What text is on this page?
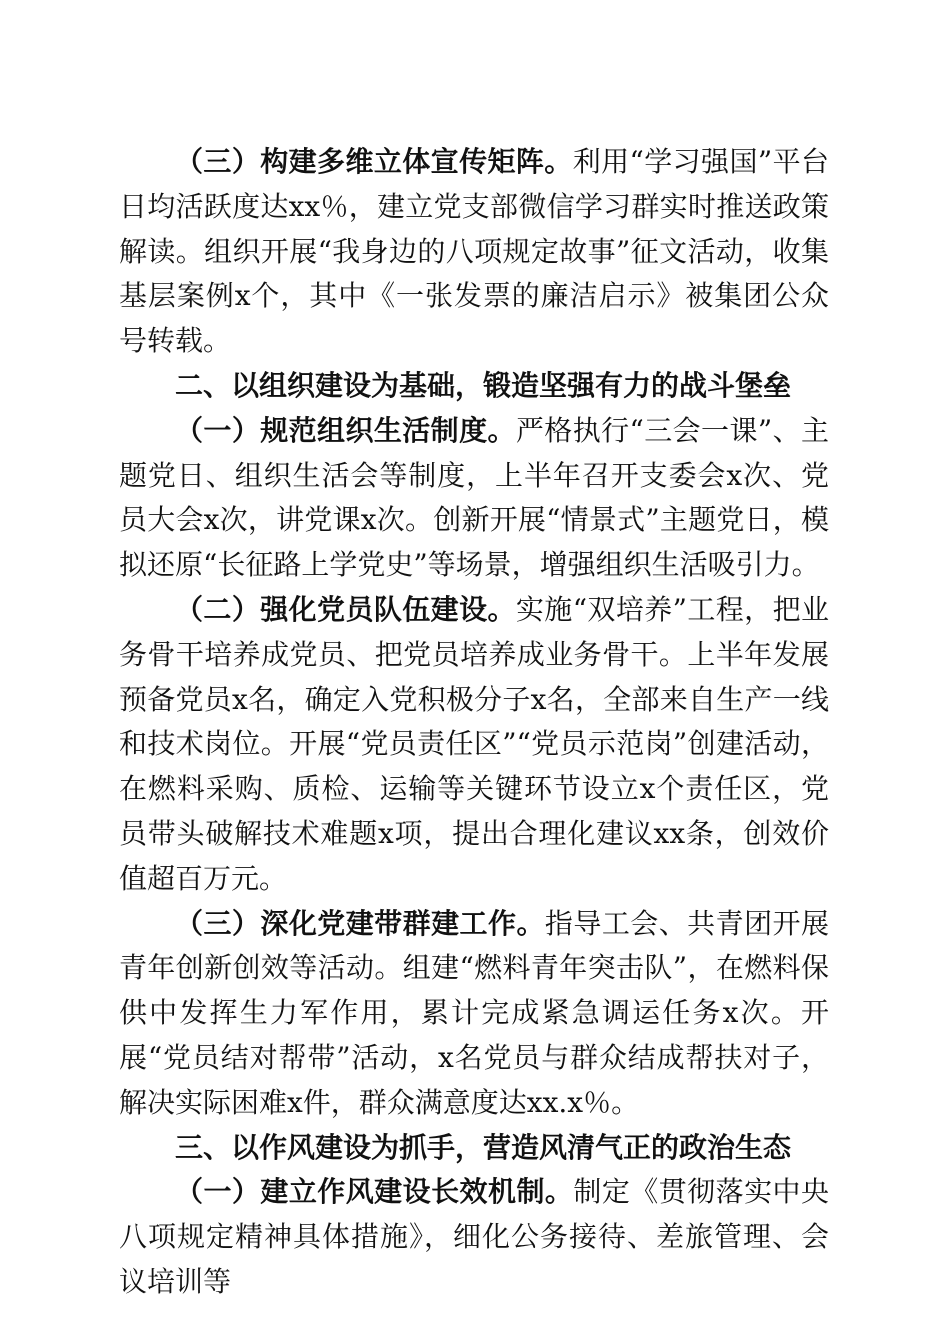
（三）构建多维立体宣传矩阵。利用“学习强国”平台日均活跃度达xx％，建立党支部微信学习群实时推送政策解读。组织开展“我身边的八项规定故事”征文活动，收集基层案例x个，其中《一张发票的廉洁启示》被集团公众号转载。

二、以组织建设为基础，锻造坚强有力的战斗堡垒

（一）规范组织生活制度。严格执行“三会一课”、主题党日、组织生活会等制度，上半年召开支委会x次、党员大会x次，讲党课x次。创新开展“情景式”主题党日，模拟还原“长征路上学党史”等场景，增强组织生活吸引力。

（二）强化党员队伍建设。实施“双培养”工程，把业务骨干培养成党员、把党员培养成业务骨干。上半年发展预备党员x名，确定入党积极分子x名，全部来自生产一线和技术岗位。开展“党员责任区”“党员示范岗”创建活动，在燃料采购、质检、运输等关键环节设立x个责任区，党员带头破解技术难题x项，提出合理化建议xx条，创效价值超百万元。

（三）深化党建带群建工作。指导工会、共青团开展青年创新创效等活动。组建“燃料青年突击队”，在燃料保供中发挥生力军作用，累计完成紧急调运任务x次。开展“党员结对帮带”活动，x名党员与群众结成帮扶对子，解决实际困难x件，群众满意度达xx.x％。

三、以作风建设为抓手，营造风清气正的政治生态

（一）建立作风建设长效机制。制定《贯彻落实中央八项规定精神具体措施》，细化公务接待、差旅管理、会议培训等
